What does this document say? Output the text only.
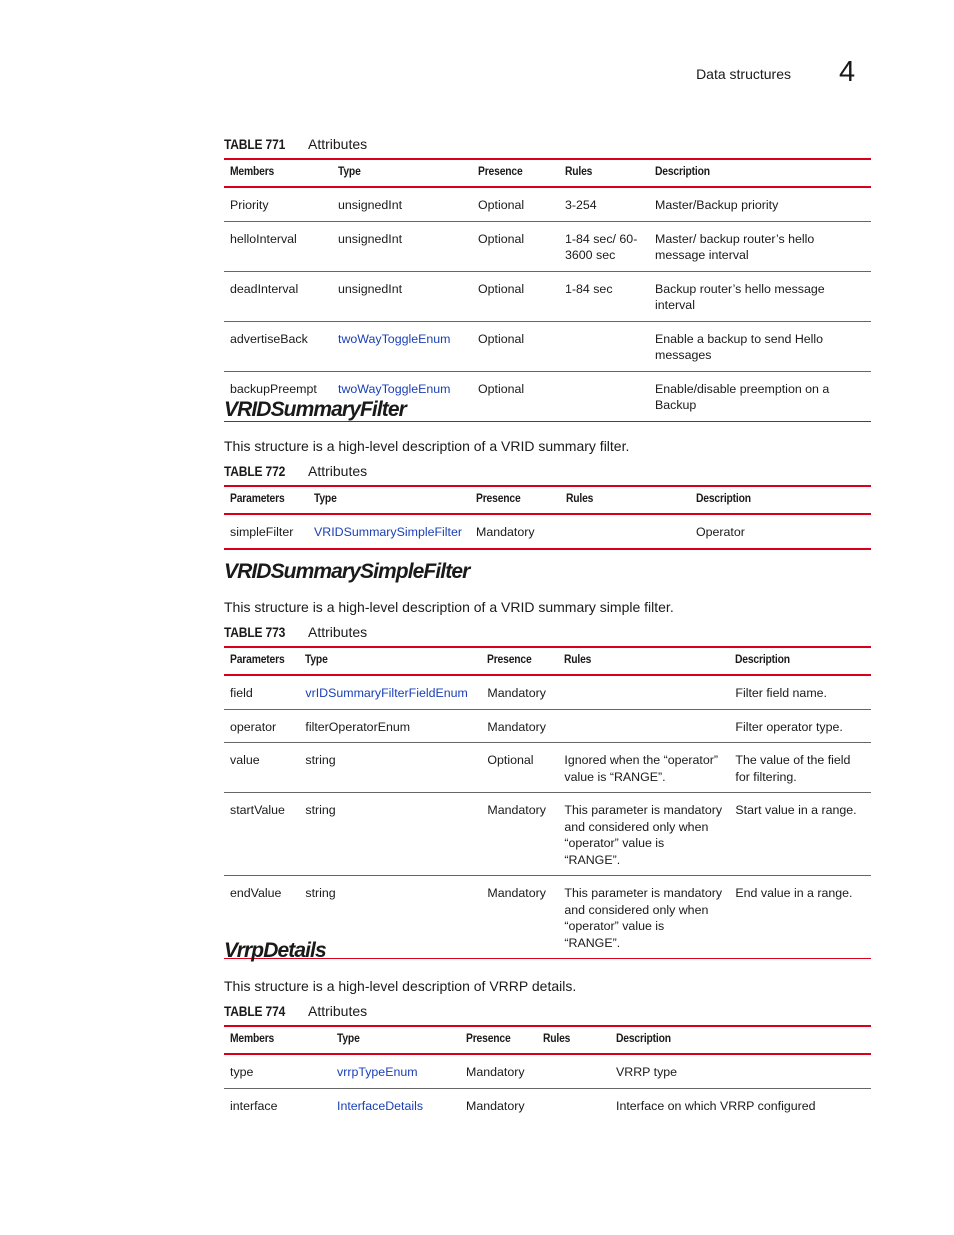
Data structures 4
TABLE 771	Attributes
Members	Type	Presence	Rules	Description
Priority	unsignedInt	Optional	3-254	Master/Backup priority
helloInterval	unsignedInt	Optional	1-84 sec/ 60-3600 sec	Master/ backup router’s hello message interval
deadInterval	unsignedInt	Optional	1-84 sec	Backup router’s hello message interval
advertiseBack	twoWayToggleEnum	Optional		Enable a backup to send Hello messages
backupPreempt	twoWayToggleEnum	Optional		Enable/disable preemption on a Backup
VRIDSummaryFilter

This structure is a high-level description of a VRID summary filter.

TABLE 772	Attributes
Parameters	Type	Presence	Rules	Description
simpleFilter	VRIDSummarySimpleFilter	Mandatory		Operator
VRIDSummarySimpleFilter

This structure is a high-level description of a VRID summary simple filter.

TABLE 773	Attributes
Parameters	Type	Presence	Rules	Description
field	vrIDSummaryFilterFieldEnum	Mandatory		Filter field name.
operator	filterOperatorEnum	Mandatory		Filter operator type.
value	string	Optional	Ignored when the “operator” value is “RANGE”.	The value of the field for filtering.
startValue	string	Mandatory	This parameter is mandatory and considered only when “operator” value is “RANGE”.	Start value in a range.
endValue	string	Mandatory	This parameter is mandatory and considered only when “operator” value is “RANGE”.	End value in a range.
VrrpDetails

This structure is a high-level description of VRRP details.

TABLE 774	Attributes
Members	Type	Presence	Rules	Description
type	vrrpTypeEnum	Mandatory		VRRP type
interface	InterfaceDetails	Mandatory		Interface on which VRRP configured
